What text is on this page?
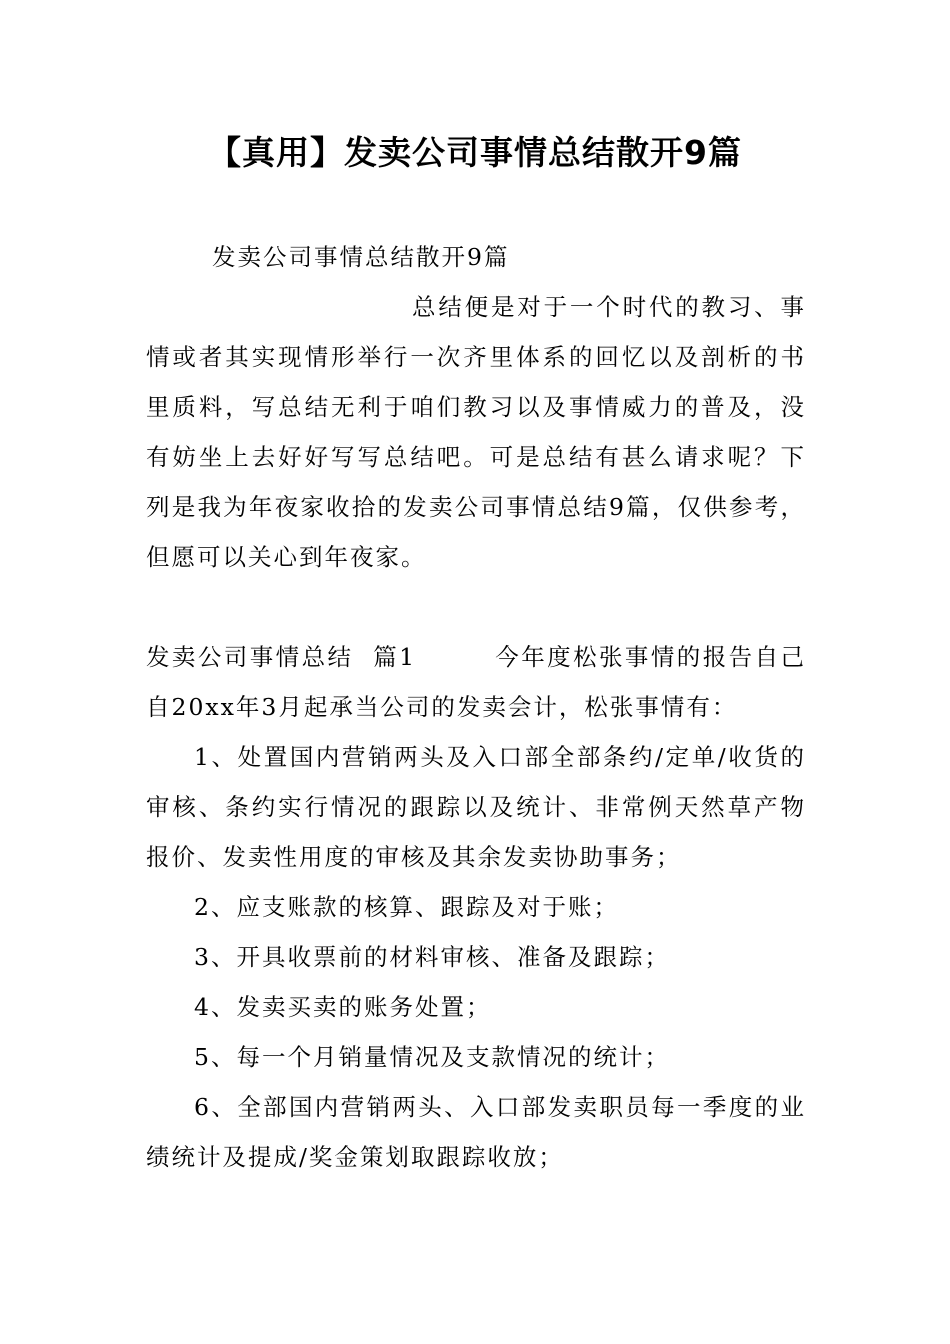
【真用】发卖公司事情总结散开9篇

发卖公司事情总结散开9篇

总结便是对于一个时代的教习、事情或者其实现情形举行一次齐里体系的回忆以及剖析的书里质料，写总结无利于咱们教习以及事情威力的普及，没有妨坐上去好好写写总结吧。可是总结有甚么请求呢？下列是我为年夜家收拾的发卖公司事情总结9篇，仅供参考，但愿可以关心到年夜家。

发卖公司事情总结  篇1        今年度松张事情的报告自己自20xx年3月起承当公司的发卖会计，松张事情有：

1、处置国内营销两头及入口部全部条约/定单/收货的审核、条约实行情况的跟踪以及统计、非常例天然草产物报价、发卖性用度的审核及其余发卖协助事务；

2、应支账款的核算、跟踪及对于账；

3、开具收票前的材料审核、准备及跟踪；

4、发卖买卖的账务处置；

5、每一个月销量情况及支款情况的统计；

6、全部国内营销两头、入口部发卖职员每一季度的业绩统计及提成/奖金策划取跟踪收放；
